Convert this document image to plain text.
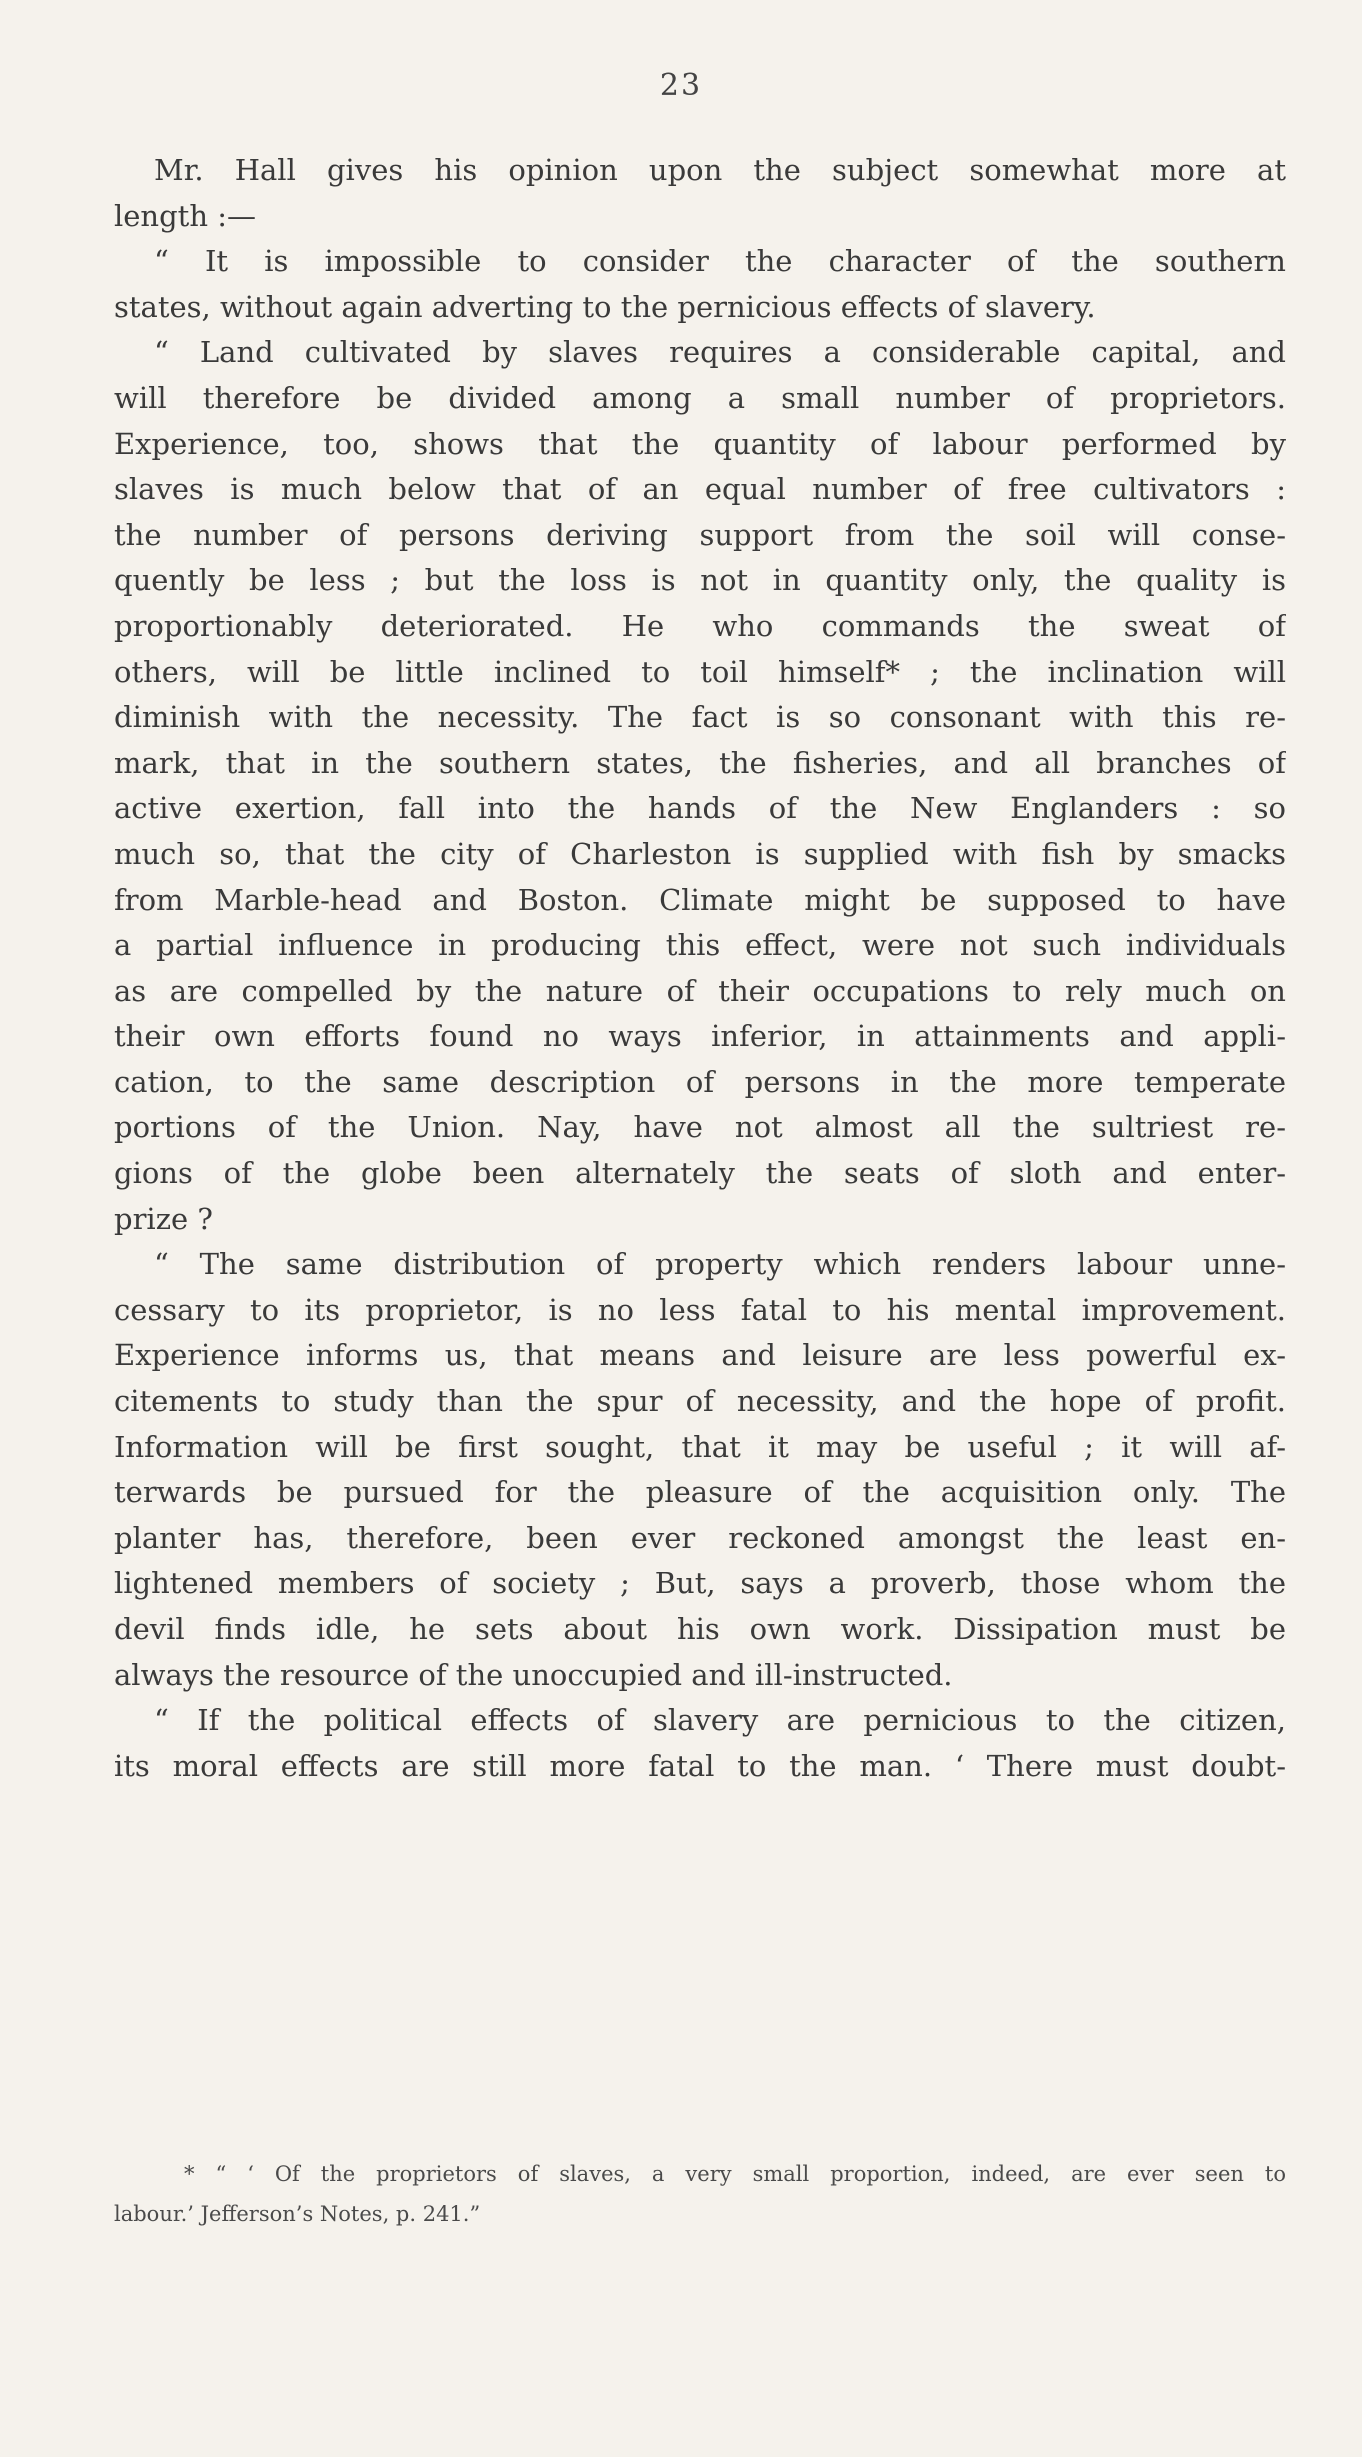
23

Mr. Hall gives his opinion upon the subject somewhat more at
length :—

“ It is impossible to consider the character of the southern
states, without again adverting to the pernicious effects of slavery.

“ Land cultivated by slaves requires a considerable capital, and
will therefore be divided among a small number of proprietors.
Experience, too, shows that the quantity of labour performed by
slaves is much below that of an equal number of free cultivators :
the number of persons deriving support from the soil will conse-
quently be less ; but the loss is not in quantity only, the quality is
proportionably deteriorated. He who commands the sweat of
others, will be little inclined to toil himself* ; the inclination will
diminish with the necessity. The fact is so consonant with this re-
mark, that in the southern states, the fisheries, and all branches of
active exertion, fall into the hands of the New Englanders : so
much so, that the city of Charleston is supplied with fish by smacks
from Marble-head and Boston. Climate might be supposed to have
a partial influence in producing this effect, were not such individuals
as are compelled by the nature of their occupations to rely much on
their own efforts found no ways inferior, in attainments and appli-
cation, to the same description of persons in the more temperate
portions of the Union. Nay, have not almost all the sultriest re-
gions of the globe been alternately the seats of sloth and enter-
prize ?

“ The same distribution of property which renders labour unne-
cessary to its proprietor, is no less fatal to his mental improvement.
Experience informs us, that means and leisure are less powerful ex-
citements to study than the spur of necessity, and the hope of profit.
Information will be first sought, that it may be useful ; it will af-
terwards be pursued for the pleasure of the acquisition only. The
planter has, therefore, been ever reckoned amongst the least en-
lightened members of society ; But, says a proverb, those whom the
devil finds idle, he sets about his own work. Dissipation must be
always the resource of the unoccupied and ill-instructed.

“ If the political effects of slavery are pernicious to the citizen,
its moral effects are still more fatal to the man. ‘ There must doubt-

* “ ‘ Of the proprietors of slaves, a very small proportion, indeed, are ever seen to
labour.’ Jefferson’s Notes, p. 241.”
